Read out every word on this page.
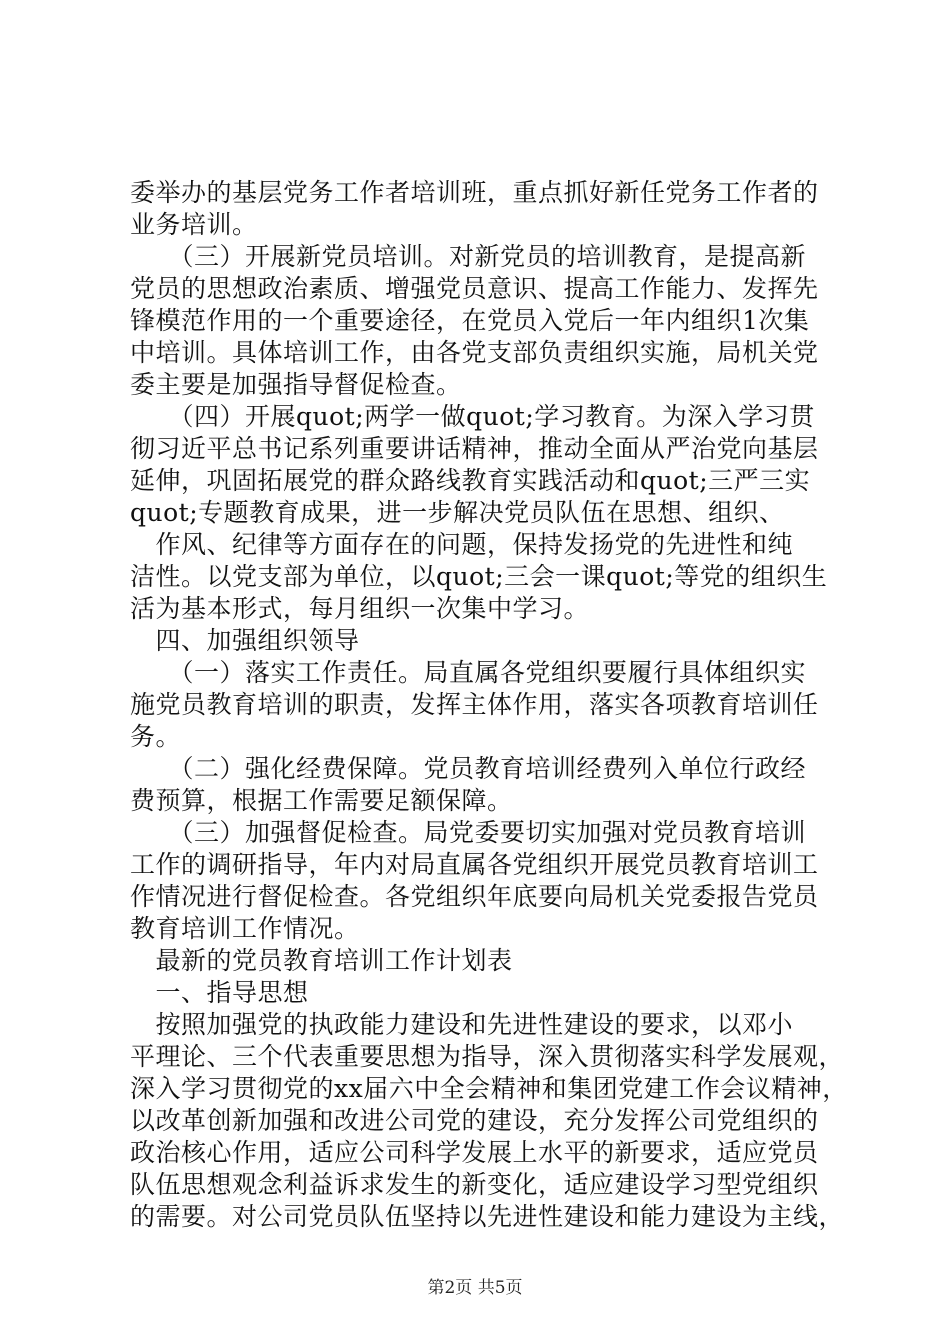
委举办的基层党务工作者培训班，重点抓好新任党务工作者的
业务培训。
　　（三）开展新党员培训。对新党员的培训教育，是提高新
党员的思想政治素质、增强党员意识、提高工作能力、发挥先
锋模范作用的一个重要途径，在党员入党后一年内组织1次集
中培训。具体培训工作，由各党支部负责组织实施，局机关党
委主要是加强指导督促检查。
　　（四）开展quot;两学一做quot;学习教育。为深入学习贯
彻习近平总书记系列重要讲话精神，推动全面从严治党向基层
延伸，巩固拓展党的群众路线教育实践活动和quot;三严三实
quot;专题教育成果，进一步解决党员队伍在思想、组织、
　作风、纪律等方面存在的问题，保持发扬党的先进性和纯
洁性。以党支部为单位，以quot;三会一课quot;等党的组织生
活为基本形式，每月组织一次集中学习。
　四、加强组织领导
　　（一）落实工作责任。局直属各党组织要履行具体组织实
施党员教育培训的职责，发挥主体作用，落实各项教育培训任
务。
　　（二）强化经费保障。党员教育培训经费列入单位行政经
费预算，根据工作需要足额保障。
　　（三）加强督促检查。局党委要切实加强对党员教育培训
工作的调研指导，年内对局直属各党组织开展党员教育培训工
作情况进行督促检查。各党组织年底要向局机关党委报告党员
教育培训工作情况。
　最新的党员教育培训工作计划表
　一、指导思想
　按照加强党的执政能力建设和先进性建设的要求，以邓小
平理论、三个代表重要思想为指导，深入贯彻落实科学发展观，
深入学习贯彻党的xx届六中全会精神和集团党建工作会议精神，
以改革创新加强和改进公司党的建设，充分发挥公司党组织的
政治核心作用，适应公司科学发展上水平的新要求，适应党员
队伍思想观念利益诉求发生的新变化，适应建设学习型党组织
的需要。对公司党员队伍坚持以先进性建设和能力建设为主线，
第2页 共5页
